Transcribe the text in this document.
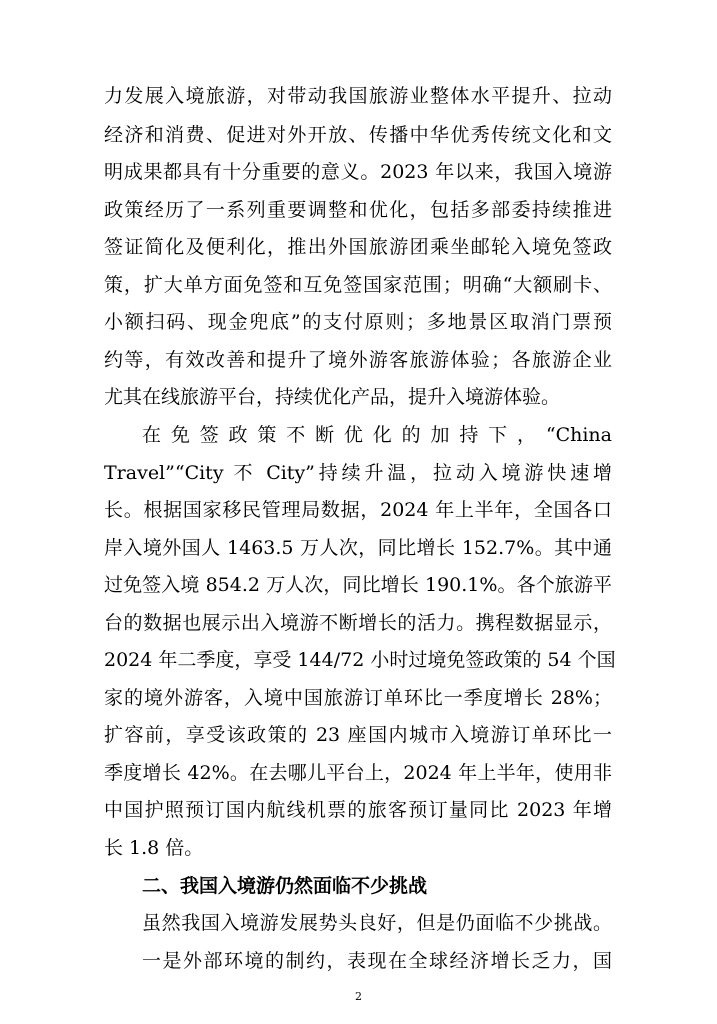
力发展入境旅游，对带动我国旅游业整体水平提升、拉动
经济和消费、促进对外开放、传播中华优秀传统文化和文
明成果都具有十分重要的意义。2023 年以来，我国入境游
政策经历了一系列重要调整和优化，包括多部委持续推进
签证简化及便利化，推出外国旅游团乘坐邮轮入境免签政
策，扩大单方面免签和互免签国家范围；明确“大额刷卡、
小额扫码、现金兜底”的支付原则；多地景区取消门票预
约等，有效改善和提升了境外游客旅游体验；各旅游企业
尤其在线旅游平台，持续优化产品，提升入境游体验。
在免签政策不断优化的加持下，“China
Travel”“City 不 City”持续升温，拉动入境游快速增
长。根据国家移民管理局数据，2024 年上半年，全国各口
岸入境外国人 1463.5 万人次，同比增长 152.7%。其中通
过免签入境 854.2 万人次，同比增长 190.1%。各个旅游平
台的数据也展示出入境游不断增长的活力。携程数据显示，
2024 年二季度，享受 144/72 小时过境免签政策的 54 个国
家的境外游客，入境中国旅游订单环比一季度增长 28%；
扩容前，享受该政策的 23 座国内城市入境游订单环比一
季度增长 42%。在去哪儿平台上，2024 年上半年，使用非
中国护照预订国内航线机票的旅客预订量同比 2023 年增
长 1.8 倍。
二、我国入境游仍然面临不少挑战
虽然我国入境游发展势头良好，但是仍面临不少挑战。
一是外部环境的制约，表现在全球经济增长乏力，国
2
